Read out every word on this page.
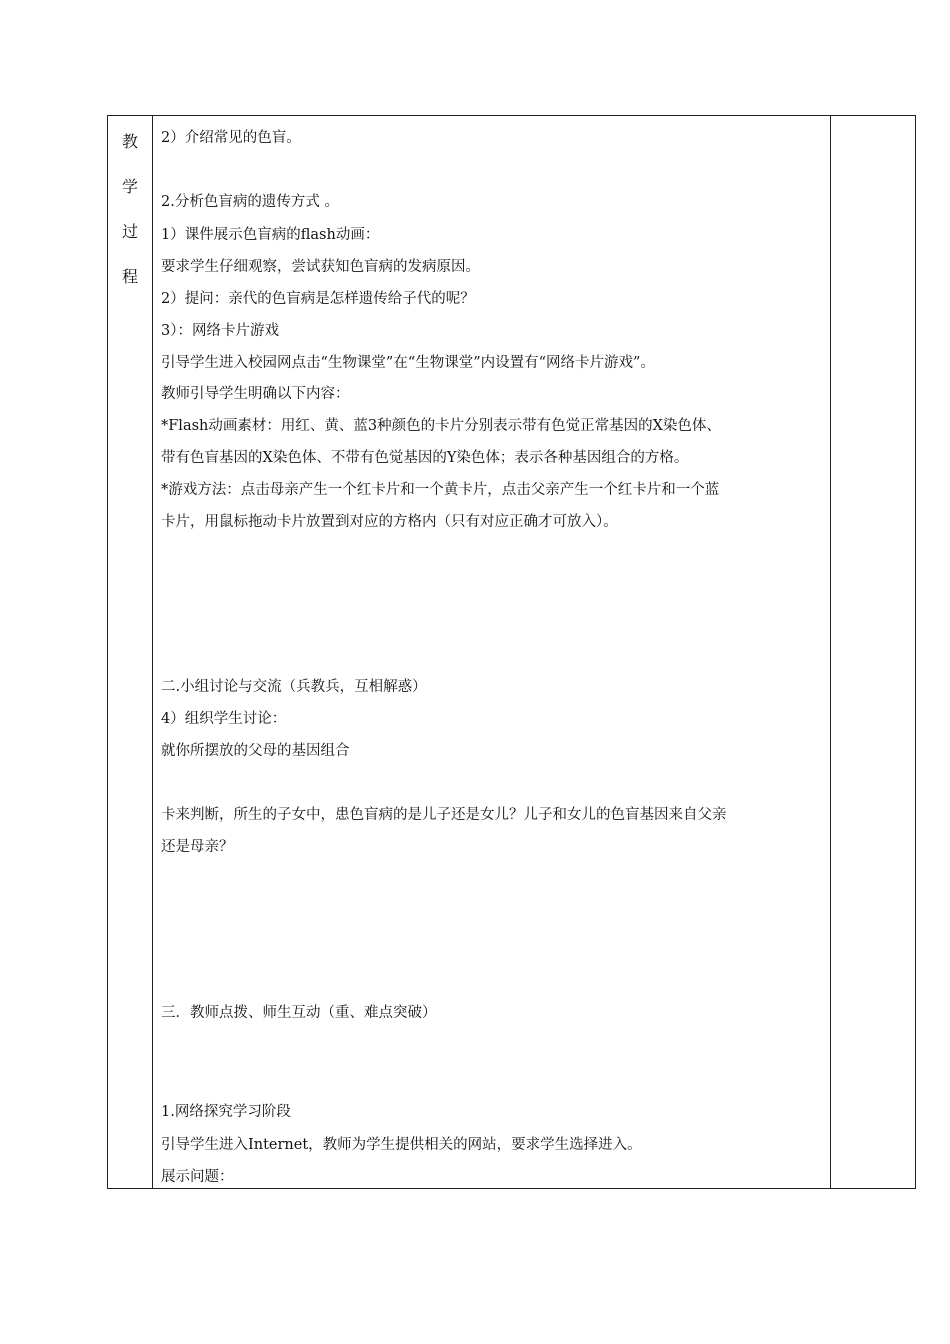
教
学
过
程
2）介绍常见的色盲。
2.分析色盲病的遗传方式 。
1）课件展示色盲病的flash动画：
要求学生仔细观察，尝试获知色盲病的发病原因。
2）提问：亲代的色盲病是怎样遗传给子代的呢？
3）：网络卡片游戏
引导学生进入校园网点击“生物课堂”在“生物课堂”内设置有“网络卡片游戏”。
教师引导学生明确以下内容：
*Flash动画素材：用红、黄、蓝3种颜色的卡片分别表示带有色觉正常基因的X染色体、
带有色盲基因的X染色体、不带有色觉基因的Y染色体；表示各种基因组合的方格。
*游戏方法：点击母亲产生一个红卡片和一个黄卡片，点击父亲产生一个红卡片和一个蓝
卡片，用鼠标拖动卡片放置到对应的方格内（只有对应正确才可放入）。
二.小组讨论与交流（兵教兵，互相解惑）
4）组织学生讨论：
就你所摆放的父母的基因组合
卡来判断，所生的子女中，患色盲病的是儿子还是女儿？儿子和女儿的色盲基因来自父亲
还是母亲？
三．教师点拨、师生互动（重、难点突破）
1.网络探究学习阶段
引导学生进入Internet，教师为学生提供相关的网站，要求学生选择进入。
展示问题：
